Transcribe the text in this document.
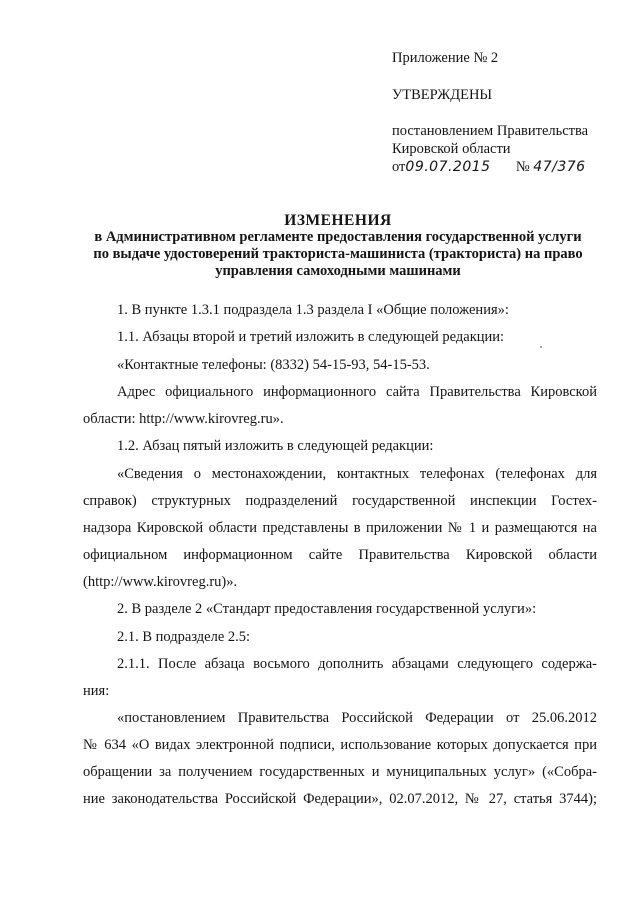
Приложение № 2
УТВЕРЖДЕНЫ
постановлением Правительства
Кировской области
от09.07.2015 № 47/376
ИЗМЕНЕНИЯ
в Административном регламенте предоставления государственной услуги
по выдаче удостоверений тракториста-машиниста (тракториста) на право
управления самоходными машинами
1. В пункте 1.3.1 подраздела 1.3 раздела I «Общие положения»:
1.1. Абзацы второй и третий изложить в следующей редакции:
«Контактные телефоны: (8332) 54-15-93, 54-15-53.
Адрес официального информационного сайта Правительства Кировской
области: http://www.kirovreg.ru».
1.2. Абзац пятый изложить в следующей редакции:
«Сведения о местонахождении, контактных телефонах (телефонах для
справок) структурных подразделений государственной инспекции Гостех-
надзора Кировской области представлены в приложении № 1 и размещаются на
официальном информационном сайте Правительства Кировской области
(http://www.kirovreg.ru)».
2. В разделе 2 «Стандарт предоставления государственной услуги»:
2.1. В подразделе 2.5:
2.1.1. После абзаца восьмого дополнить абзацами следующего содержа-
ния:
«постановлением Правительства Российской Федерации от 25.06.2012
№ 634 «О видах электронной подписи, использование которых допускается при
обращении за получением государственных и муниципальных услуг» («Собра-
ние законодательства Российской Федерации», 02.07.2012, № 27, статья 3744);
